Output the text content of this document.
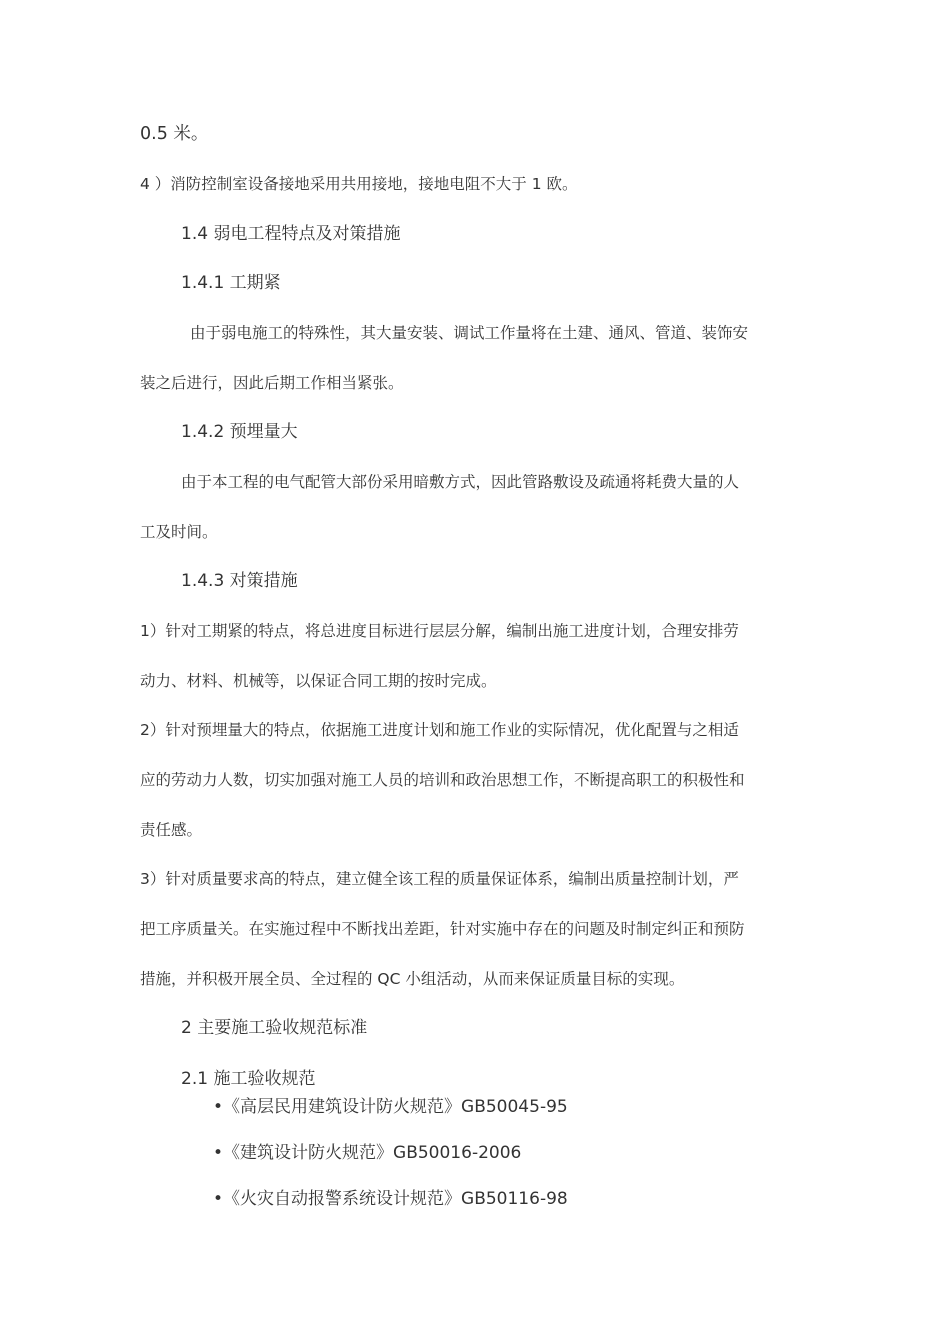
0.5 米。
4 ）消防控制室设备接地采用共用接地，接地电阻不大于 1 欧。
1.4 弱电工程特点及对策措施
1.4.1 工期紧
由于弱电施工的特殊性，其大量安装、调试工作量将在土建、通风、管道、装饰安
装之后进行，因此后期工作相当紧张。
1.4.2 预埋量大
由于本工程的电气配管大部份采用暗敷方式，因此管路敷设及疏通将耗费大量的人
工及时间。
1.4.3 对策措施
1）针对工期紧的特点，将总进度目标进行层层分解，编制出施工进度计划，合理安排劳
动力、材料、机械等，以保证合同工期的按时完成。
2）针对预埋量大的特点，依据施工进度计划和施工作业的实际情况，优化配置与之相适
应的劳动力人数，切实加强对施工人员的培训和政治思想工作，不断提高职工的积极性和
责任感。
3）针对质量要求高的特点，建立健全该工程的质量保证体系，编制出质量控制计划，严
把工序质量关。在实施过程中不断找出差距，针对实施中存在的问题及时制定纠正和预防
措施，并积极开展全员、全过程的 QC 小组活动，从而来保证质量目标的实现。
2 主要施工验收规范标准
2.1 施工验收规范
•《高层民用建筑设计防火规范》GB50045-95
•《建筑设计防火规范》GB50016-2006
•《火灾自动报警系统设计规范》GB50116-98
